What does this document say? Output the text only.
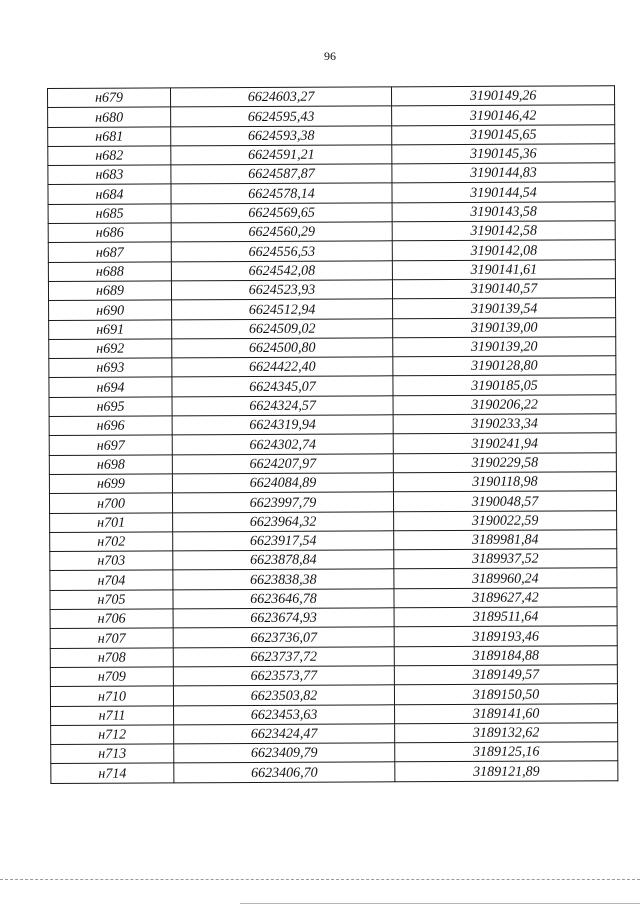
96
н679	6624603,27	3190149,26
н680	6624595,43	3190146,42
н681	6624593,38	3190145,65
н682	6624591,21	3190145,36
н683	6624587,87	3190144,83
н684	6624578,14	3190144,54
н685	6624569,65	3190143,58
н686	6624560,29	3190142,58
н687	6624556,53	3190142,08
н688	6624542,08	3190141,61
н689	6624523,93	3190140,57
н690	6624512,94	3190139,54
н691	6624509,02	3190139,00
н692	6624500,80	3190139,20
н693	6624422,40	3190128,80
н694	6624345,07	3190185,05
н695	6624324,57	3190206,22
н696	6624319,94	3190233,34
н697	6624302,74	3190241,94
н698	6624207,97	3190229,58
н699	6624084,89	3190118,98
н700	6623997,79	3190048,57
н701	6623964,32	3190022,59
н702	6623917,54	3189981,84
н703	6623878,84	3189937,52
н704	6623838,38	3189960,24
н705	6623646,78	3189627,42
н706	6623674,93	3189511,64
н707	6623736,07	3189193,46
н708	6623737,72	3189184,88
н709	6623573,77	3189149,57
н710	6623503,82	3189150,50
н711	6623453,63	3189141,60
н712	6623424,47	3189132,62
н713	6623409,79	3189125,16
н714	6623406,70	3189121,89
